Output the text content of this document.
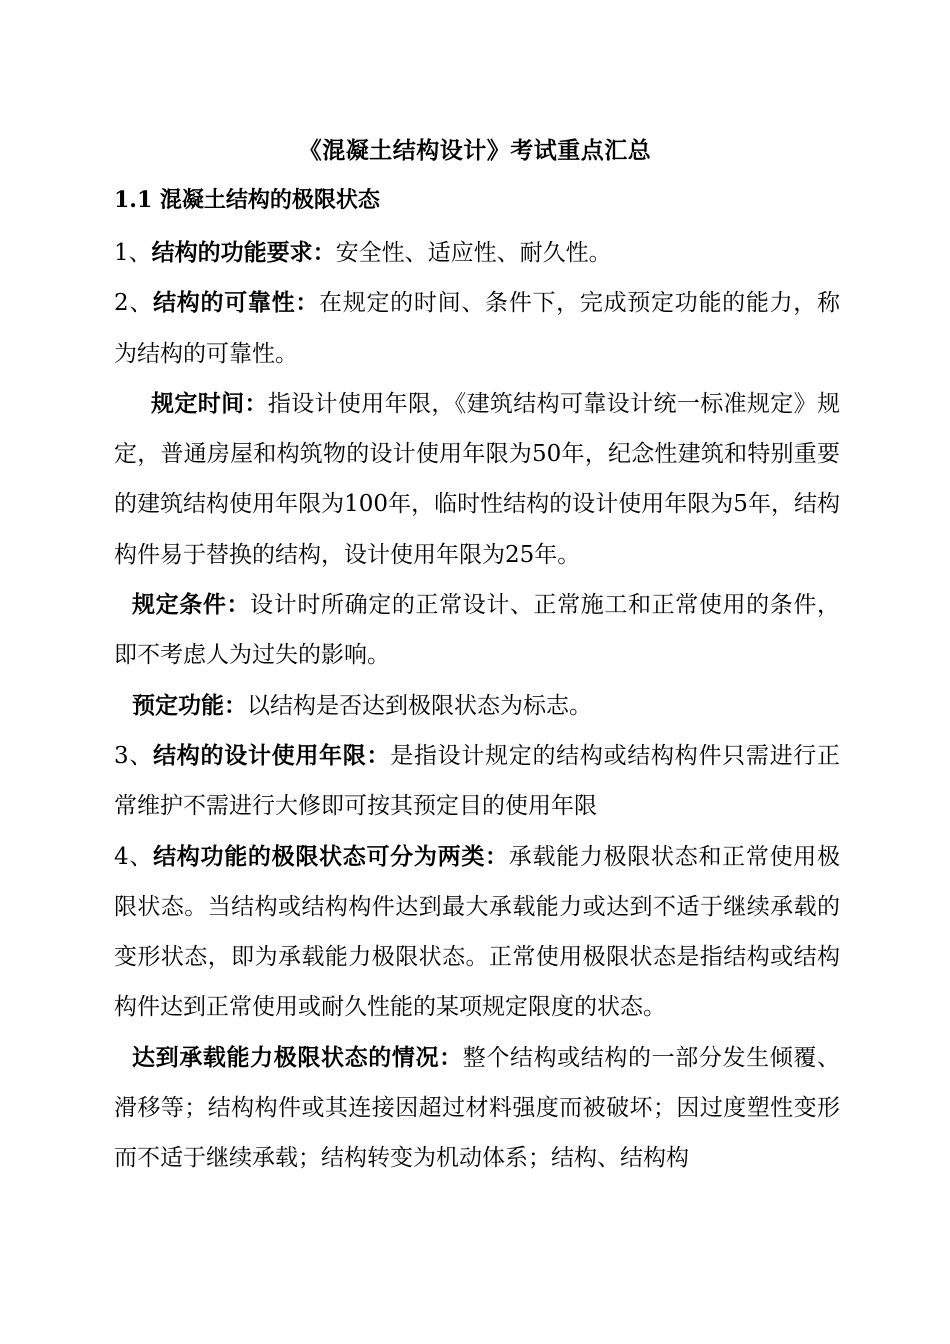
《混凝土结构设计》考试重点汇总
1.1 混凝土结构的极限状态

1、结构的功能要求：安全性、适应性、耐久性。

2、结构的可靠性：在规定的时间、条件下，完成预定功能的能力，称为结构的可靠性。

规定时间：指设计使用年限，《建筑结构可靠设计统一标准规定》规定，普通房屋和构筑物的设计使用年限为50年，纪念性建筑和特别重要的建筑结构使用年限为100年，临时性结构的设计使用年限为5年，结构构件易于替换的结构，设计使用年限为25年。

规定条件：设计时所确定的正常设计、正常施工和正常使用的条件，即不考虑人为过失的影响。

预定功能：以结构是否达到极限状态为标志。

3、结构的设计使用年限：是指设计规定的结构或结构构件只需进行正常维护不需进行大修即可按其预定目的使用年限

4、结构功能的极限状态可分为两类：承载能力极限状态和正常使用极限状态。当结构或结构构件达到最大承载能力或达到不适于继续承载的变形状态，即为承载能力极限状态。正常使用极限状态是指结构或结构构件达到正常使用或耐久性能的某项规定限度的状态。

达到承载能力极限状态的情况：整个结构或结构的一部分发生倾覆、滑移等；结构构件或其连接因超过材料强度而被破坏；因过度塑性变形而不适于继续承载；结构转变为机动体系；结构、结构构
